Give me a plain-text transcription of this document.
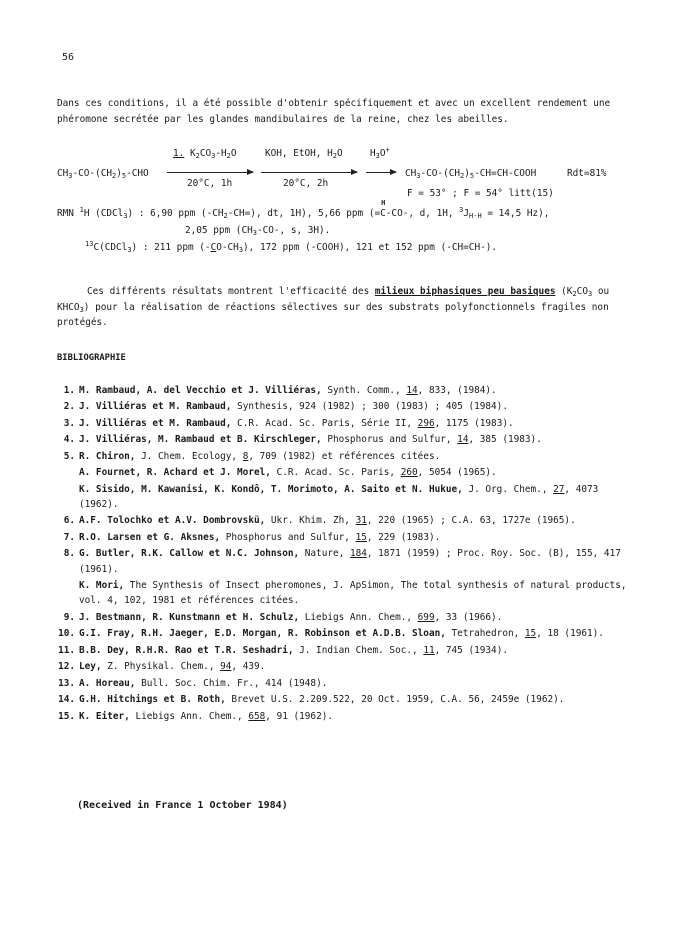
56

Dans ces conditions, il a été possible d'obtenir spécifiquement et avec un excellent rendement une phéromone secrétée par les glandes mandibulaires de la reine, chez les abeilles.

$CH_3-CO-(CH_2)_5$-CHO
1. $K_2CO_3-H_2O$
20°C, 1h
KOH, EtOH, $H_2O$
20°C, 2h
$H_3O^+$
→ $CH_3-CO-(CH_2)_5-CH=CH$-COOH	Rdt=81%
F = 53° ; F = 54° litt(15)
RMN $^1$H (CDCl$_3$) : 6,90 ppm $(-CH_2-CH=)$, dt, 1H), 5,66 ppm (=
H
C-CO-, d, 1H, $^3J_{H-H} = 14,5$ Hz),
2,05 ppm ($CH_3-CO-$, s, 3H).
$^{13}$C(CDCl$_3$) : 211 ppm $(-CO-CH_3)$, 172 ppm (-COOH), 121 et 152 ppm (-CH=CH-).

Ces différents résultats montrent l'efficacité des milieux biphasiques peu basiques ($K_2CO_3$ ou $KHCO_3$) pour la réalisation de réactions sélectives sur des substrats polyfonctionnels fragiles non protégés.

BIBLIOGRAPHIE
1. M. Rambaud, A. del Vecchio et J. Villiéras, Synth. Comm., 14, 833, (1984).
2. J. Villiéras et M. Rambaud, Synthesis, 924 (1982) ; 300 (1983) ; 405 (1984).
3. J. Villiéras et M. Rambaud, C.R. Acad. Sc. Paris, Série II, 296, 1175 (1983).
4. J. Villiéras, M. Rambaud et B. Kirschleger, Phosphorus and Sulfur, 14, 385 (1983).
5. R. Chiron, J. Chem. Ecology, 8, 709 (1982) et références citées.
A. Fournet, R. Achard et J. Morel, C.R. Acad. Sc. Paris, 260, 5054 (1965).
K. Sisido, M. Kawanisi, K. Kondô, T. Morimoto, A. Saito et N. Hukue, J. Org. Chem., 27, 4073 (1962).
6. A.F. Tolochko et A.V. Dombrovskü, Ukr. Khim. Zh, 31, 220 (1965) ; C.A. 63, 1727e (1965).
7. R.O. Larsen et G. Aksnes, Phosphorus and Sulfur, 15, 229 (1983).
8. G. Butler, R.K. Callow et N.C. Johnson, Nature, 184, 1871 (1959) ; Proc. Roy. Soc. (B), 155, 417 (1961).
K. Mori, The Synthesis of Insect pheromones, J. ApSimon, The total synthesis of natural products, vol. 4, 102, 1981 et références citées.
9. J. Bestmann, R. Kunstmann et H. Schulz, Liebigs Ann. Chem., 699, 33 (1966).
10. G.I. Fray, R.H. Jaeger, E.D. Morgan, R. Robinson et A.D.B. Sloan, Tetrahedron, 15, 18 (1961).
11. B.B. Dey, R.H.R. Rao et T.R. Seshadri, J. Indian Chem. Soc., 11, 745 (1934).
12. Ley, Z. Physikal. Chem., 94, 439.
13. A. Horeau, Bull. Soc. Chim. Fr., 414 (1948).
14. G.H. Hitchings et B. Roth, Brevet U.S. 2.209.522, 20 Oct. 1959, C.A. 56, 2459e (1962).
15. K. Eiter, Liebigs Ann. Chem., 658, 91 (1962).
(Received in France 1 October 1984)
